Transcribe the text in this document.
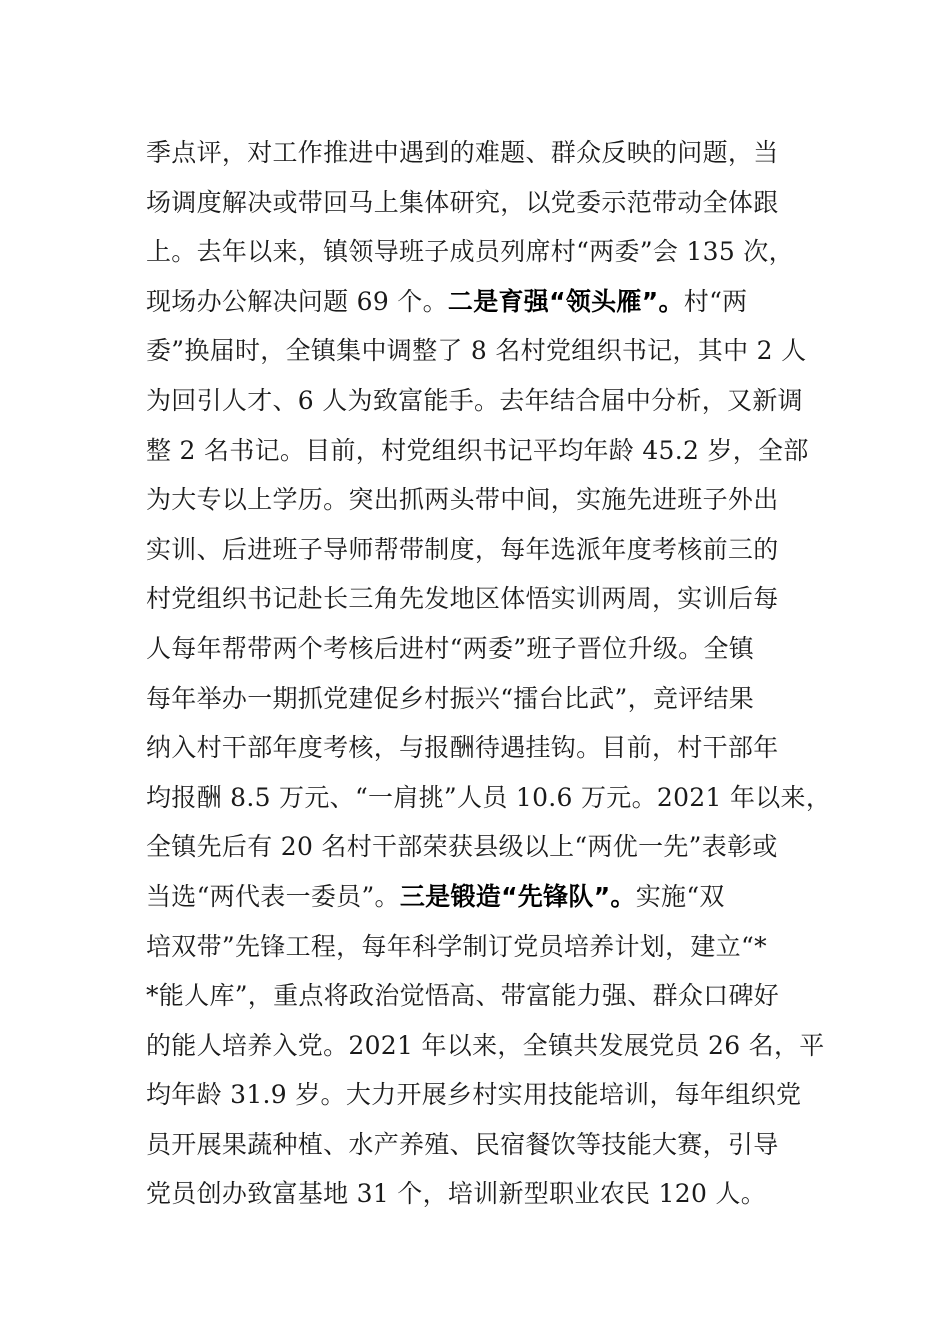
季点评，对工作推进中遇到的难题、群众反映的问题，当
场调度解决或带回马上集体研究，以党委示范带动全体跟
上。去年以来，镇领导班子成员列席村“两委”会 135 次，
现场办公解决问题 69 个。二是育强“领头雁”。村“两
委”换届时，全镇集中调整了 8 名村党组织书记，其中 2 人
为回引人才、6 人为致富能手。去年结合届中分析，又新调
整 2 名书记。目前，村党组织书记平均年龄 45.2 岁，全部
为大专以上学历。突出抓两头带中间，实施先进班子外出
实训、后进班子导师帮带制度，每年选派年度考核前三的
村党组织书记赴长三角先发地区体悟实训两周，实训后每
人每年帮带两个考核后进村“两委”班子晋位升级。全镇
每年举办一期抓党建促乡村振兴“擂台比武”，竞评结果
纳入村干部年度考核，与报酬待遇挂钩。目前，村干部年
均报酬 8.5 万元、“一肩挑”人员 10.6 万元。2021 年以来，
全镇先后有 20 名村干部荣获县级以上“两优一先”表彰或
当选“两代表一委员”。三是锻造“先锋队”。实施“双
培双带”先锋工程，每年科学制订党员培养计划，建立“*
*能人库”，重点将政治觉悟高、带富能力强、群众口碑好
的能人培养入党。2021 年以来，全镇共发展党员 26 名，平
均年龄 31.9 岁。大力开展乡村实用技能培训，每年组织党
员开展果蔬种植、水产养殖、民宿餐饮等技能大赛，引导
党员创办致富基地 31 个，培训新型职业农民 120 人。
